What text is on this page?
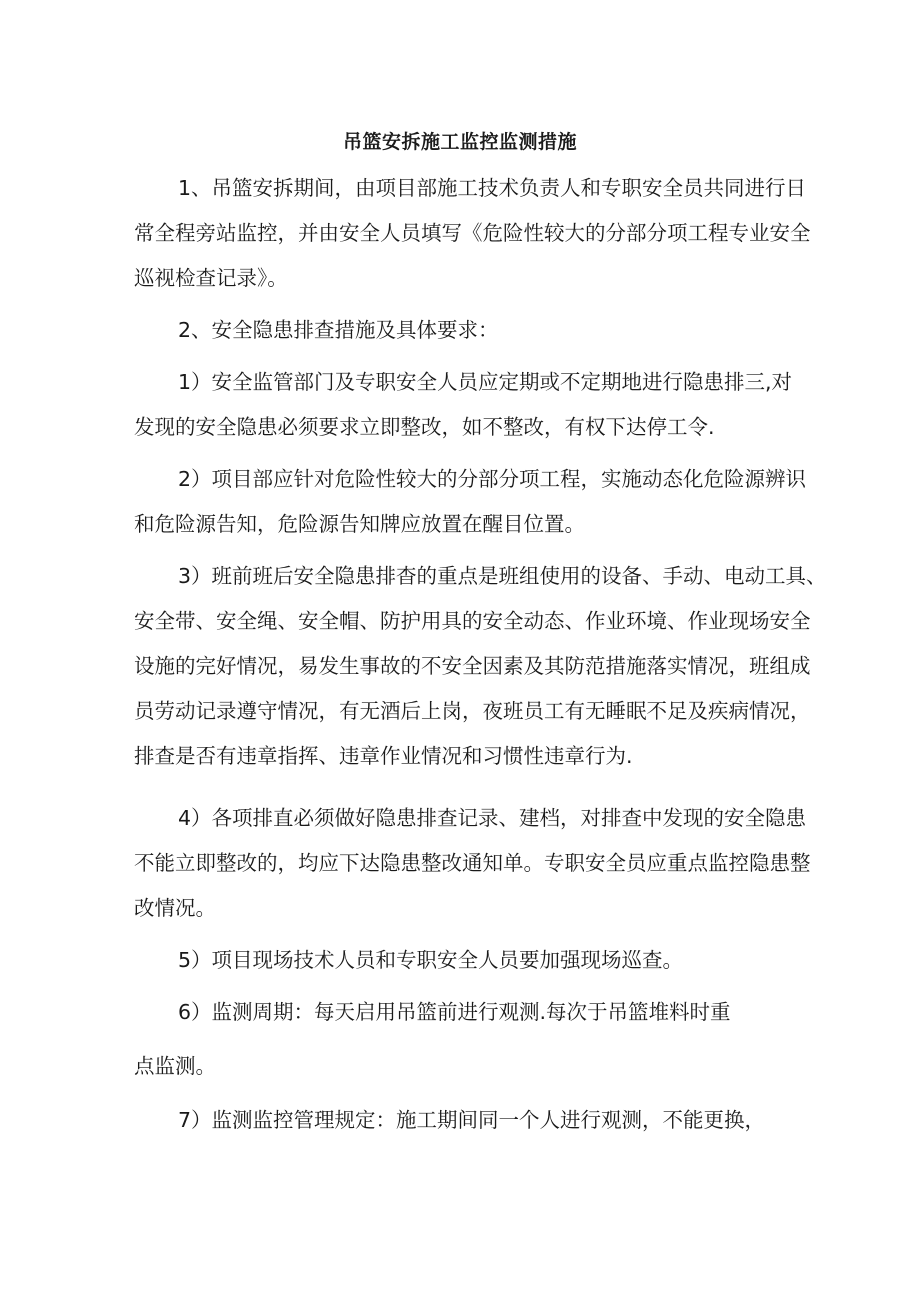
吊篮安拆施工监控监测措施
1、吊篮安拆期间，由项目部施工技术负责人和专职安全员共同进行日
常全程旁站监控，并由安全人员填写《危险性较大的分部分项工程专业安全
巡视检查记录》。
2、安全隐患排查措施及具体要求：
1）安全监管部门及专职安全人员应定期或不定期地进行隐患排三,对
发现的安全隐患必须要求立即整改，如不整改，有权下达停工令.
2）项目部应针对危险性较大的分部分项工程，实施动态化危险源辨识
和危险源告知，危险源告知牌应放置在醒目位置。
3）班前班后安全隐患排杳的重点是班组使用的设备、手动、电动工具、
安全带、安全绳、安全帽、防护用具的安全动态、作业环境、作业现场安全
设施的完好情况，易发生事故的不安全因素及其防范措施落实情况，班组成
员劳动记录遵守情况，有无酒后上岗，夜班员工有无睡眠不足及疾病情况，
排查是否有违章指挥、违章作业情况和习惯性违章行为.
4）各项排直必须做好隐患排查记录、建档，对排查中发现的安全隐患
不能立即整改的，均应下达隐患整改通知单。专职安全员应重点监控隐患整
改情况。
5）项目现场技术人员和专职安全人员要加强现场巡查。
6）监测周期：每天启用吊篮前进行观测.每次于吊篮堆料时重
点监测。
7）监测监控管理规定：施工期间同一个人进行观测，不能更换，
